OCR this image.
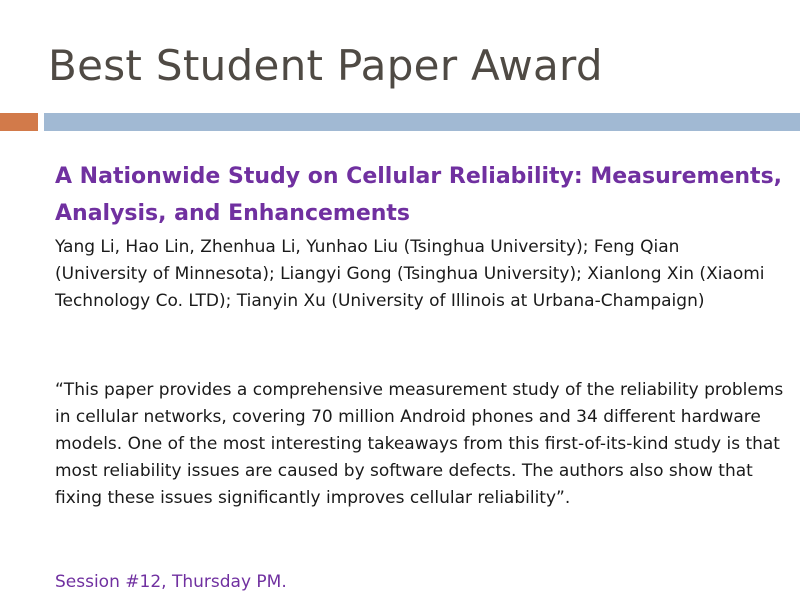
Best Student Paper Award
A Nationwide Study on Cellular Reliability: Measurements, Analysis, and Enhancements
Yang Li, Hao Lin, Zhenhua Li, Yunhao Liu (Tsinghua University); Feng Qian (University of Minnesota); Liangyi Gong (Tsinghua University); Xianlong Xin (Xiaomi Technology Co. LTD); Tianyin Xu (University of Illinois at Urbana-Champaign)
“This paper provides a comprehensive measurement study of the reliability problems in cellular networks, covering 70 million Android phones and 34 different hardware models. One of the most interesting takeaways from this first-of-its-kind study is that most reliability issues are caused by software defects. The authors also show that fixing these issues significantly improves cellular reliability”.
Session #12, Thursday PM.
